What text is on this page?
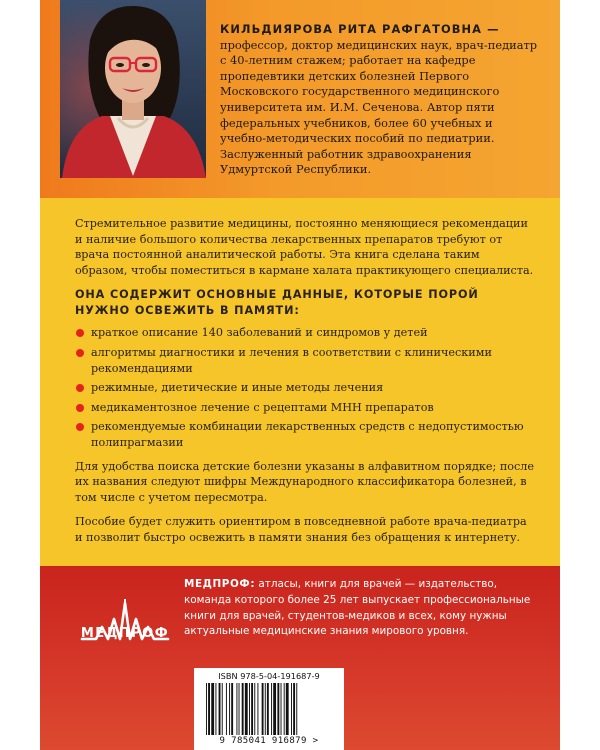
КИЛЬДИЯРОВА РИТА РАФГАТОВНА — профессор, доктор медицинских наук, врач-педиатр с 40-летним стажем; работает на кафедре пропедевтики детских болезней Первого Московского государственного медицинского университета им. И.М. Сеченова. Автор пяти федеральных учебников, более 60 учебных и учебно-методических пособий по педиатрии. Заслуженный работник здравоохранения Удмуртской Республики.

Стремительное развитие медицины, постоянно меняющиеся рекомендации и наличие большого количества лекарственных препаратов требуют от врача постоянной аналитической работы. Эта книга сделана таким образом, чтобы поместиться в кармане халата практикующего специалиста.

ОНА СОДЕРЖИТ ОСНОВНЫЕ ДАННЫЕ, КОТОРЫЕ ПОРОЙ НУЖНО ОСВЕЖИТЬ В ПАМЯТИ:
краткое описание 140 заболеваний и синдромов у детей
алгоритмы диагностики и лечения в соответствии с клиническими рекомендациями
режимные, диетические и иные методы лечения
медикаментозное лечение с рецептами МНН препаратов
рекомендуемые комбинации лекарственных средств с недопустимостью полипрагмазии

Для удобства поиска детские болезни указаны в алфавитном порядке; после их названия следуют шифры Международного классификатора болезней, в том числе с учетом пересмотра.

Пособие будет служить ориентиром в повседневной работе врача-педиатра и позволит быстро освежить в памяти знания без обращения к интернету.

МЕДПРОФ
МЕДПРОФ: атласы, книги для врачей — издательство, команда которого более 25 лет выпускает профессиональные книги для врачей, студентов-медиков и всех, кому нужны актуальные медицинские знания мирового уровня.
ISBN 978-5-04-191687-9
9 785041 916879 >
